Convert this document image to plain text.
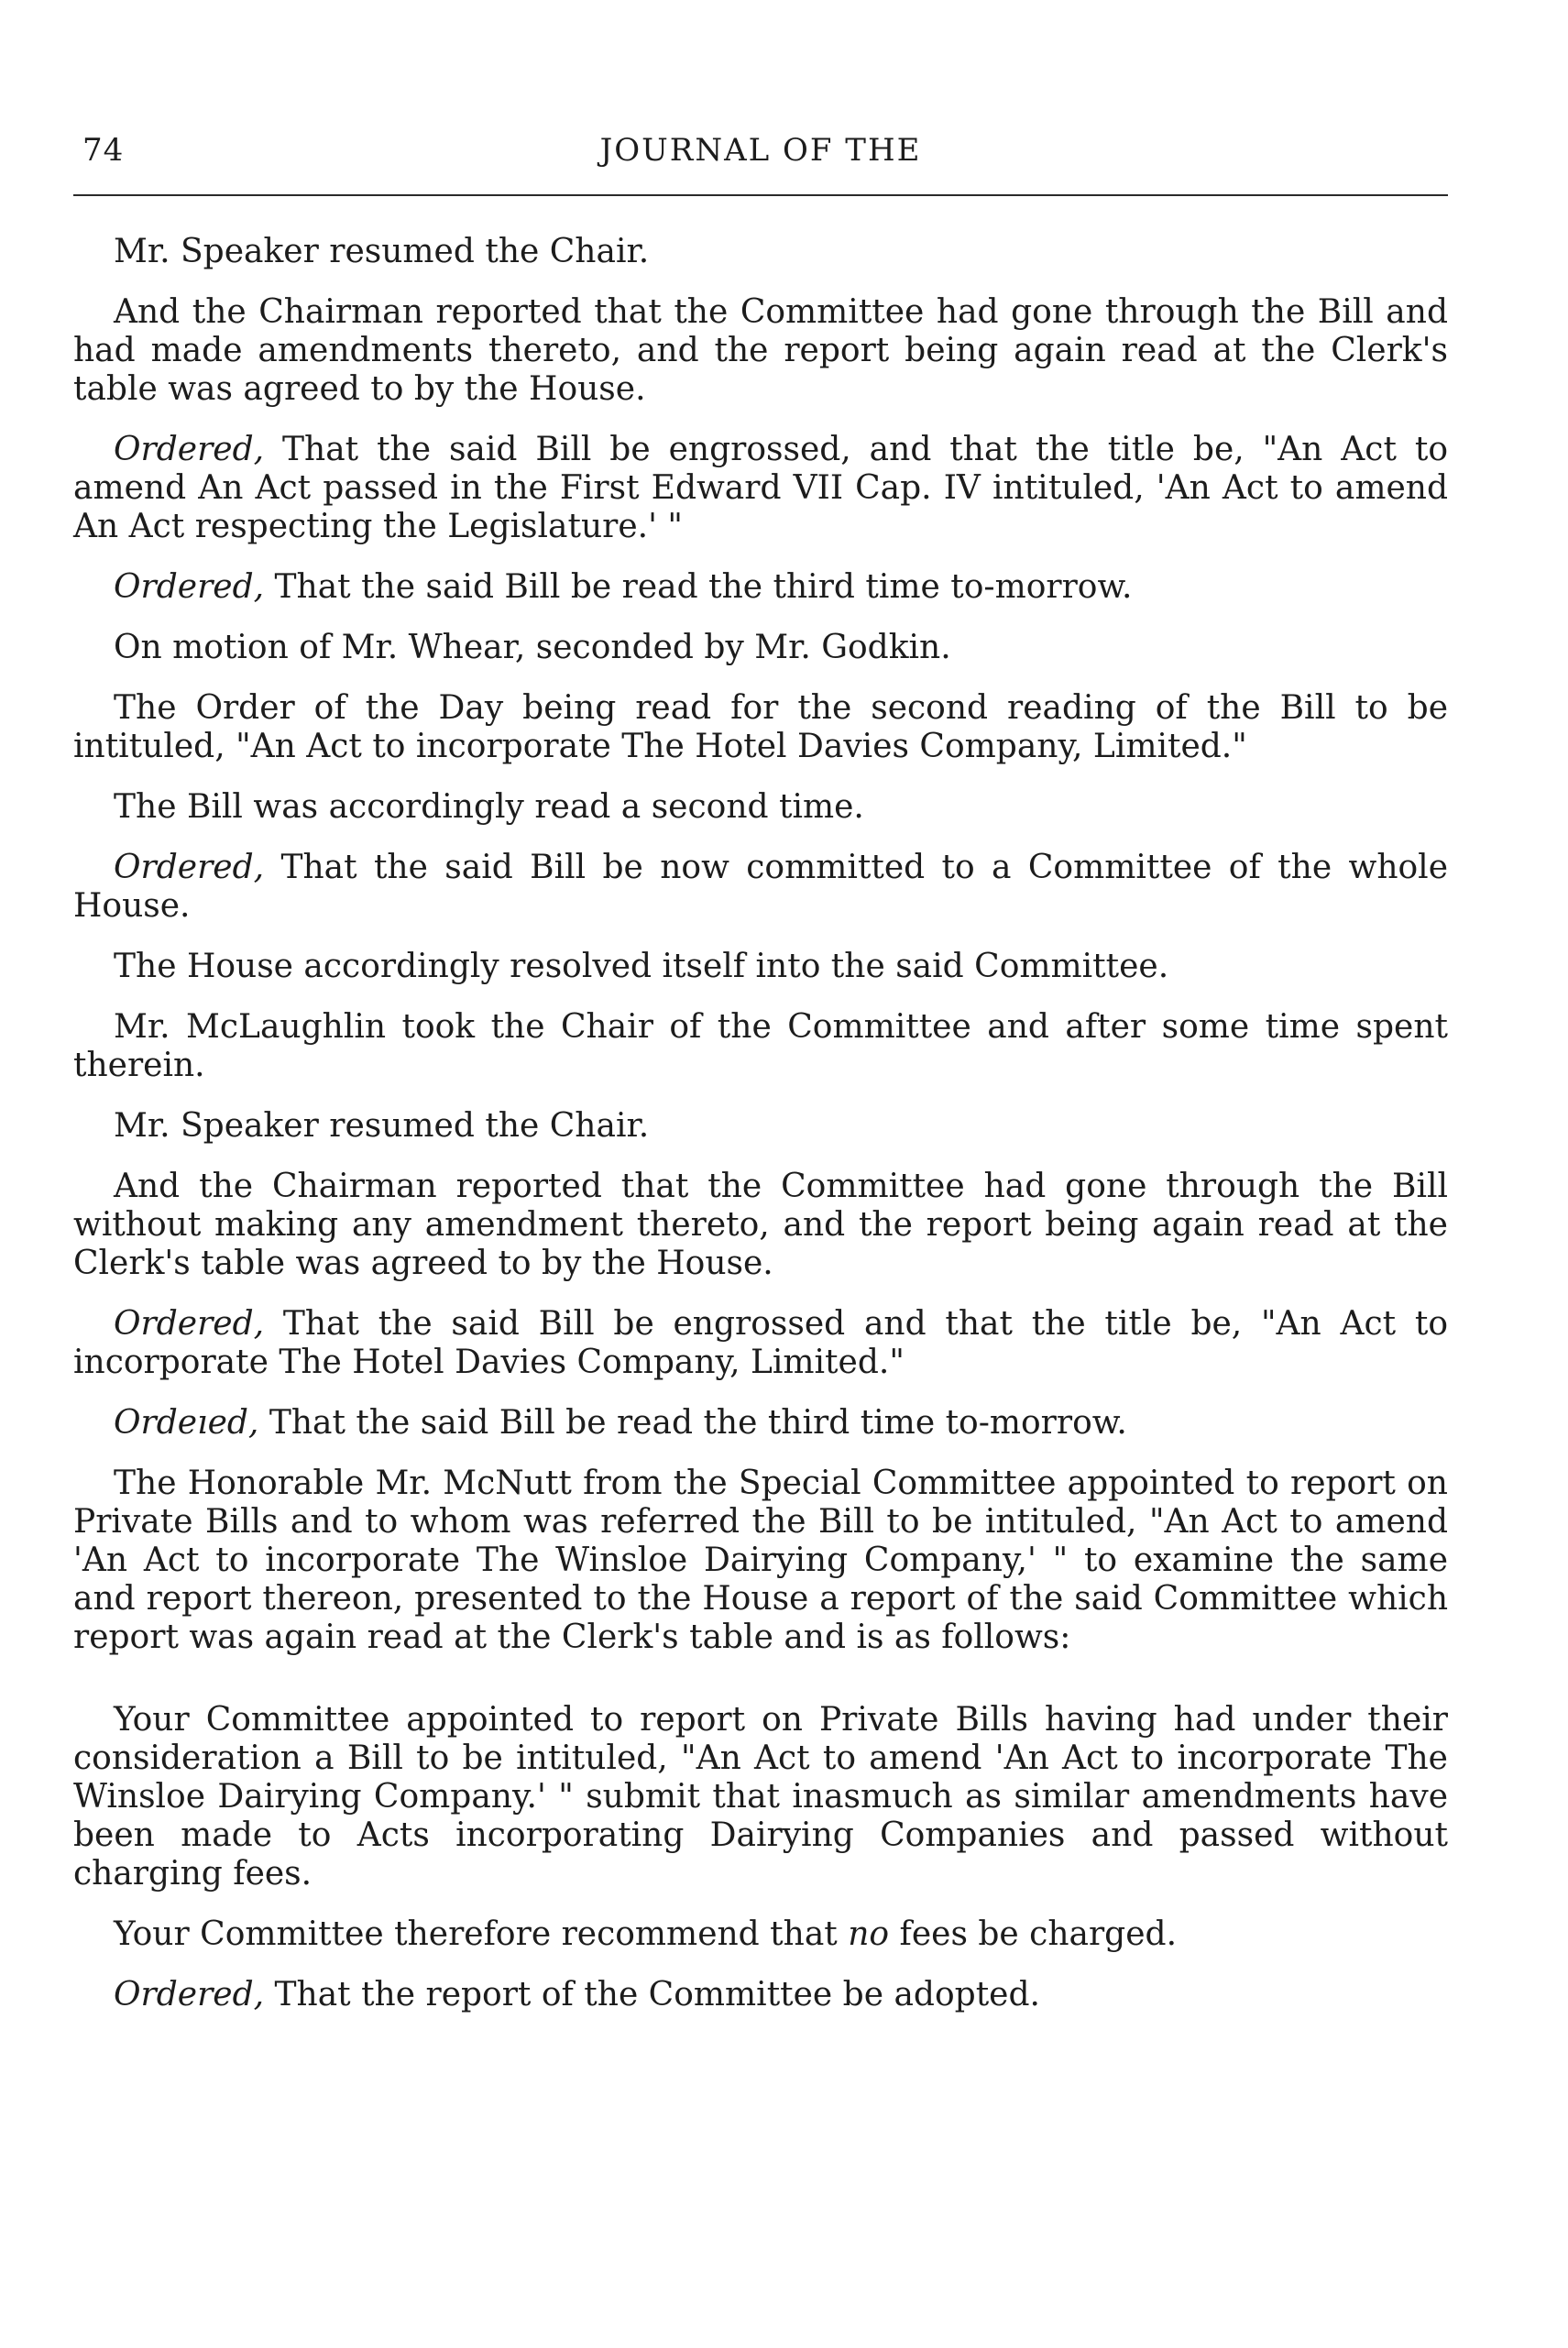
74	JOURNAL OF THE

Mr. Speaker resumed the Chair.

And the Chairman reported that the Committee had gone through the Bill and had made amendments thereto, and the report being again read at the Clerk's table was agreed to by the House.

Ordered, That the said Bill be engrossed, and that the title be, "An Act to amend An Act passed in the First Edward VII Cap. IV intituled, 'An Act to amend An Act respecting the Legislature.' "

Ordered, That the said Bill be read the third time to-morrow.

On motion of Mr. Whear, seconded by Mr. Godkin.

The Order of the Day being read for the second reading of the Bill to be intituled, "An Act to incorporate The Hotel Davies Company, Limited."

The Bill was accordingly read a second time.

Ordered, That the said Bill be now committed to a Committee of the whole House.

The House accordingly resolved itself into the said Committee.

Mr. McLaughlin took the Chair of the Committee and after some time spent therein.

Mr. Speaker resumed the Chair.

And the Chairman reported that the Committee had gone through the Bill without making any amendment thereto, and the report being again read at the Clerk's table was agreed to by the House.

Ordered, That the said Bill be engrossed and that the title be, "An Act to incorporate The Hotel Davies Company, Limited."

Ordeıed, That the said Bill be read the third time to-morrow.

The Honorable Mr. McNutt from the Special Committee appointed to report on Private Bills and to whom was referred the Bill to be intituled, "An Act to amend 'An Act to incorporate The Winsloe Dairying Company,' " to examine the same and report thereon, presented to the House a report of the said Committee which report was again read at the Clerk's table and is as follows:

Your Committee appointed to report on Private Bills having had under their consideration a Bill to be intituled, "An Act to amend 'An Act to incorporate The Winsloe Dairying Company.' " submit that inasmuch as similar amendments have been made to Acts incorporating Dairying Companies and passed without charging fees.

Your Committee therefore recommend that no fees be charged.

Ordered, That the report of the Committee be adopted.
